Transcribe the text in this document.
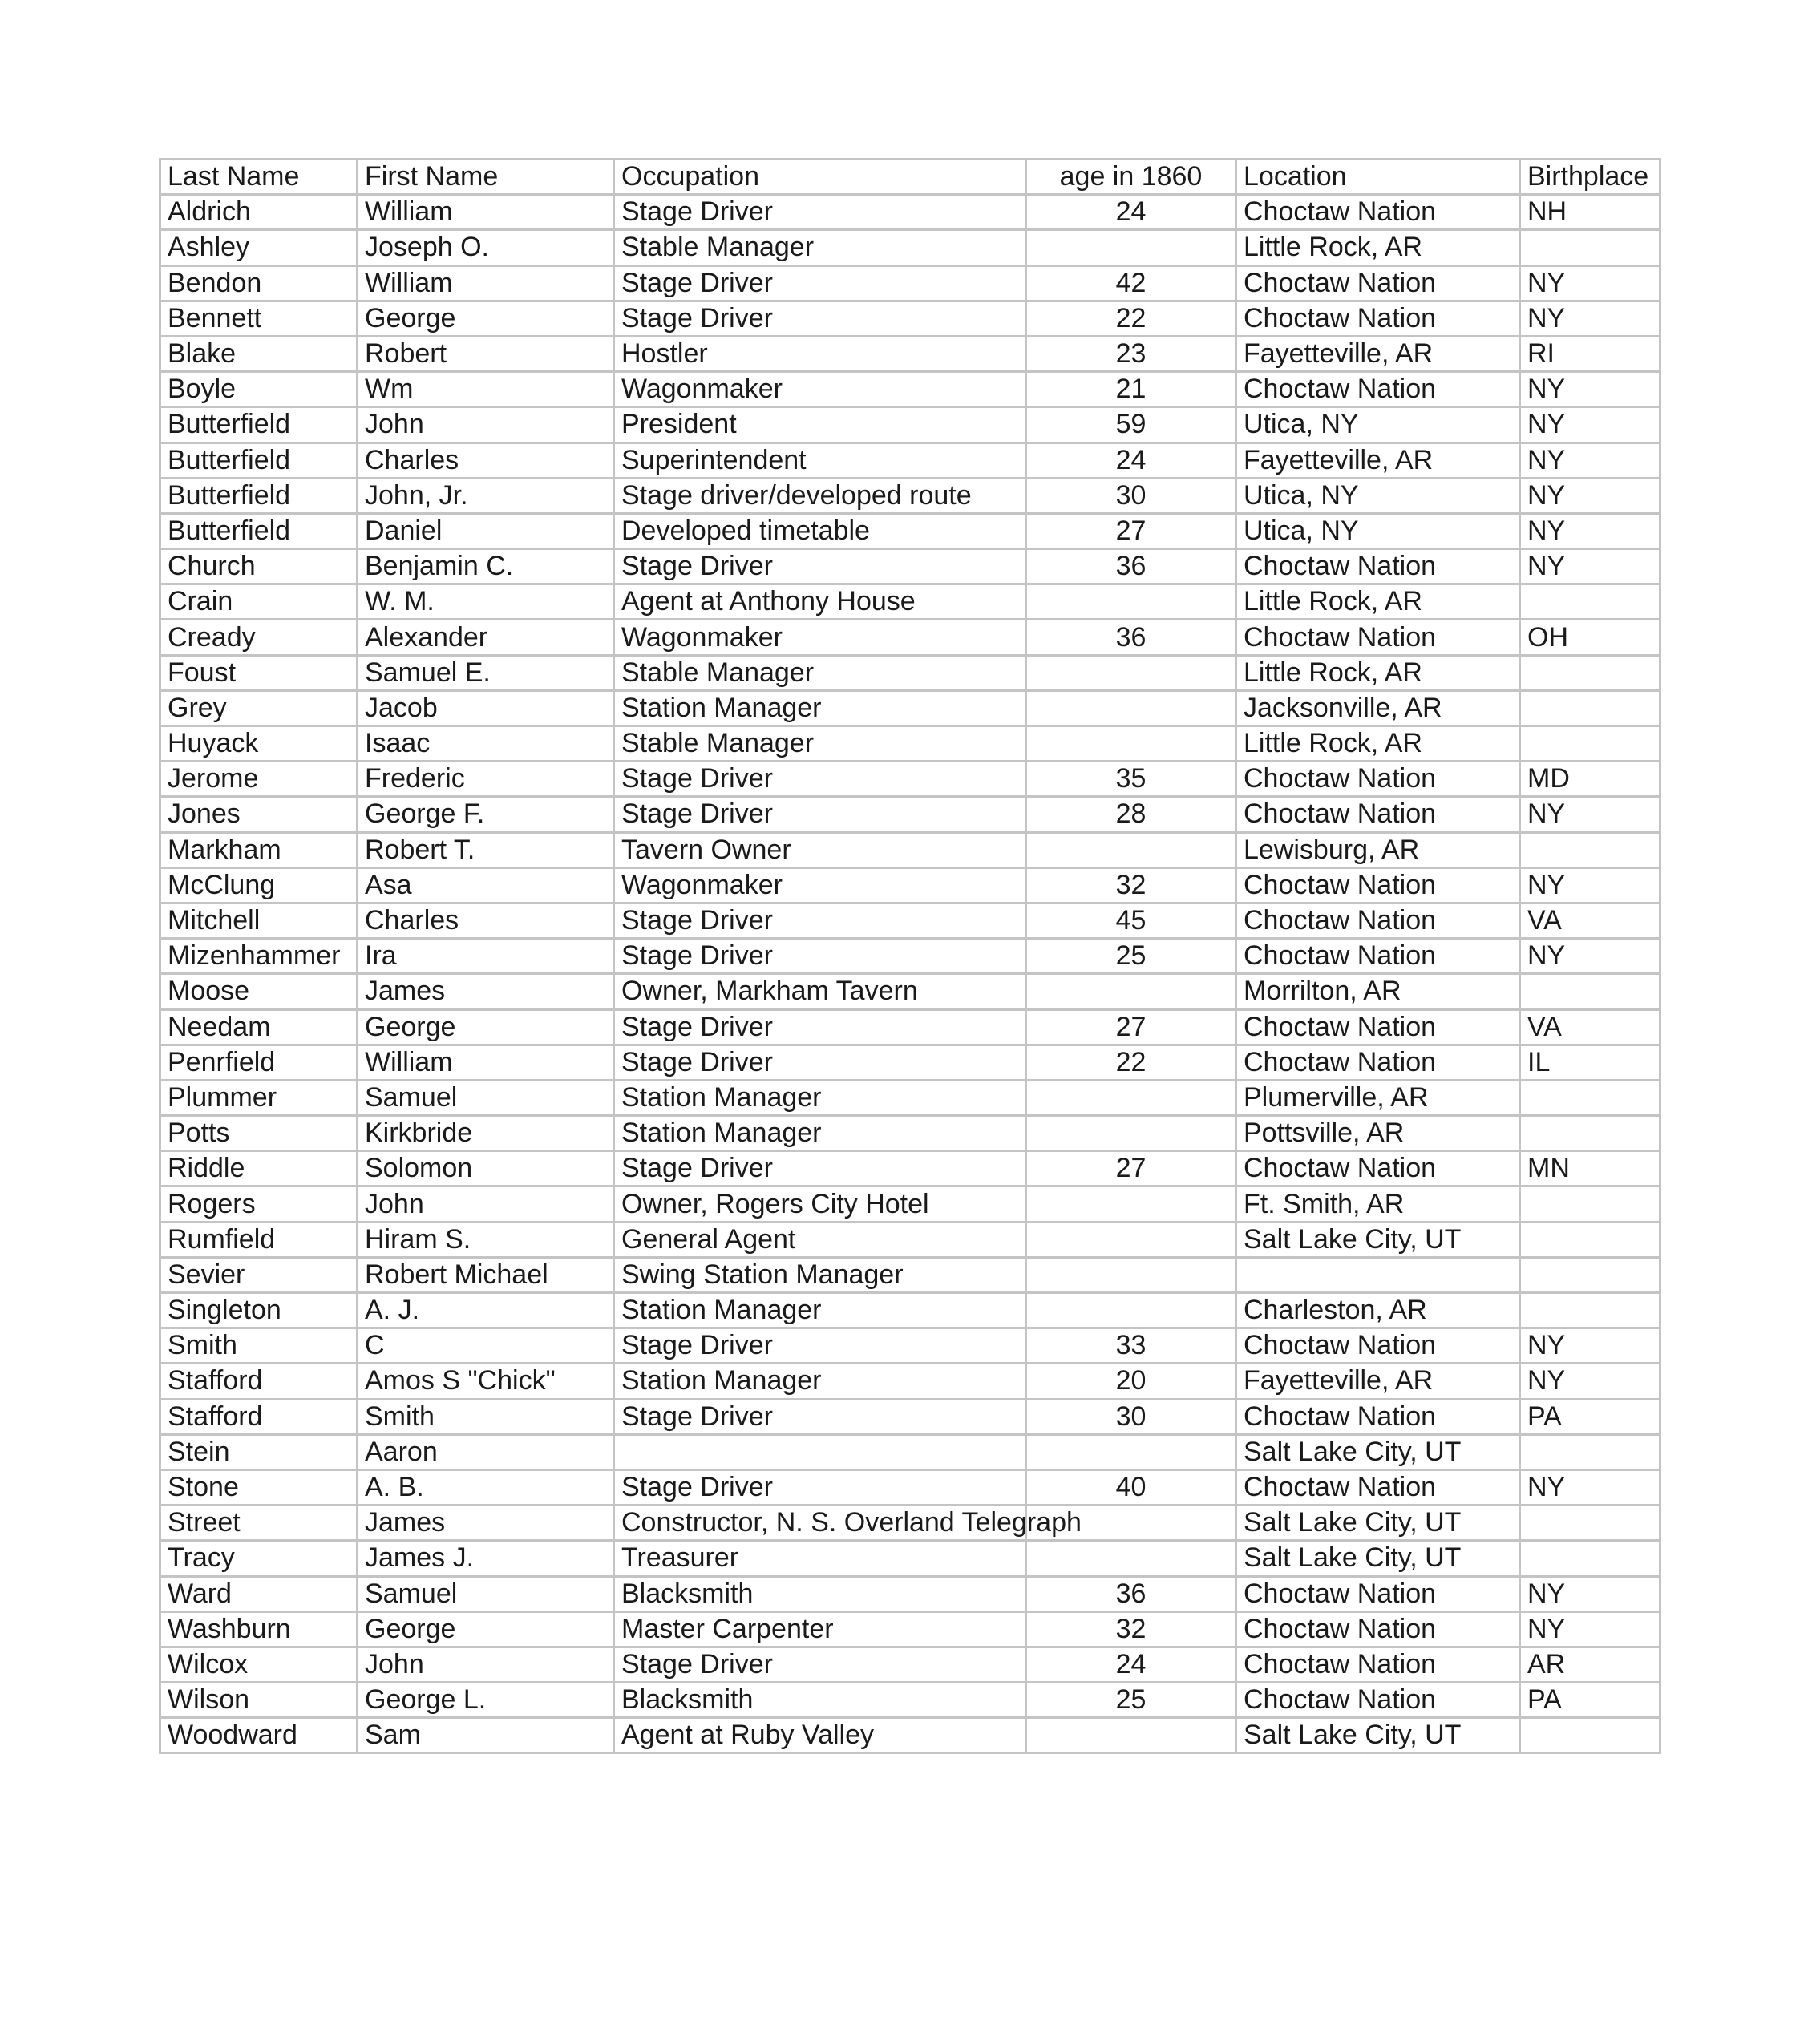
Last Name	First Name	Occupation	age in 1860	Location	Birthplace
Aldrich	William	Stage Driver	24	Choctaw Nation	NH
Ashley	Joseph O.	Stable Manager		Little Rock, AR	
Bendon	William	Stage Driver	42	Choctaw Nation	NY
Bennett	George	Stage Driver	22	Choctaw Nation	NY
Blake	Robert	Hostler	23	Fayetteville, AR	RI
Boyle	Wm	Wagonmaker	21	Choctaw Nation	NY
Butterfield	John	President	59	Utica, NY	NY
Butterfield	Charles	Superintendent	24	Fayetteville, AR	NY
Butterfield	John, Jr.	Stage driver/developed route	30	Utica, NY	NY
Butterfield	Daniel	Developed timetable	27	Utica, NY	NY
Church	Benjamin C.	Stage Driver	36	Choctaw Nation	NY
Crain	W. M.	Agent at Anthony House		Little Rock, AR	
Cready	Alexander	Wagonmaker	36	Choctaw Nation	OH
Foust	Samuel E.	Stable Manager		Little Rock, AR	
Grey	Jacob	Station Manager		Jacksonville, AR	
Huyack	Isaac	Stable Manager		Little Rock, AR	
Jerome	Frederic	Stage Driver	35	Choctaw Nation	MD
Jones	George F.	Stage Driver	28	Choctaw Nation	NY
Markham	Robert T.	Tavern Owner		Lewisburg, AR	
McClung	Asa	Wagonmaker	32	Choctaw Nation	NY
Mitchell	Charles	Stage Driver	45	Choctaw Nation	VA
Mizenhammer	Ira	Stage Driver	25	Choctaw Nation	NY
Moose	James	Owner, Markham Tavern		Morrilton, AR	
Needam	George	Stage Driver	27	Choctaw Nation	VA
Penrfield	William	Stage Driver	22	Choctaw Nation	IL
Plummer	Samuel	Station Manager		Plumerville, AR	
Potts	Kirkbride	Station Manager		Pottsville, AR	
Riddle	Solomon	Stage Driver	27	Choctaw Nation	MN
Rogers	John	Owner, Rogers City Hotel		Ft. Smith, AR	
Rumfield	Hiram S.	General Agent		Salt Lake City, UT	
Sevier	Robert Michael	Swing Station Manager			
Singleton	A. J.	Station Manager		Charleston, AR	
Smith	C	Stage Driver	33	Choctaw Nation	NY
Stafford	Amos S "Chick"	Station Manager	20	Fayetteville, AR	NY
Stafford	Smith	Stage Driver	30	Choctaw Nation	PA
Stein	Aaron			Salt Lake City, UT	
Stone	A. B.	Stage Driver	40	Choctaw Nation	NY
Street	James	Constructor, N. S. Overland Telegraph		Salt Lake City, UT	
Tracy	James J.	Treasurer		Salt Lake City, UT	
Ward	Samuel	Blacksmith	36	Choctaw Nation	NY
Washburn	George	Master Carpenter	32	Choctaw Nation	NY
Wilcox	John	Stage Driver	24	Choctaw Nation	AR
Wilson	George L.	Blacksmith	25	Choctaw Nation	PA
Woodward	Sam	Agent at Ruby Valley		Salt Lake City, UT	
